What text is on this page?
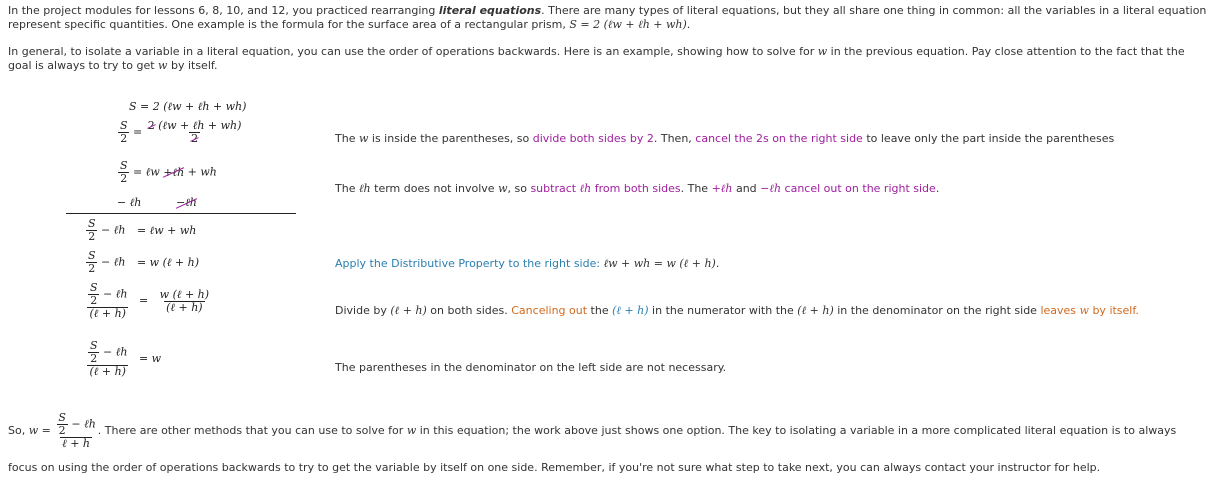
In the project modules for lessons 6, 8, 10, and 12, you practiced rearranging literal equations. There are many types of literal equations, but they all share one thing in common: all the variables in a literal equation represent specific quantities. One example is the formula for the surface area of a rectangular prism, S = 2 (ℓw + ℓh + wh).

In general, to isolate a variable in a literal equation, you can use the order of operations backwards. Here is an example, showing how to solve for w in the previous equation. Pay close attention to the fact that the goal is always to try to get w by itself.

S = 2 (ℓw + ℓh + wh)
$\frac{S}{2} = \frac{\text{2 (ℓw + ℓh + wh)}}{2}$
$\frac{S}{2}$ = ℓw +ℓh + wh
− ℓh	−ℓh
$\frac{S}{2}$ − ℓh = ℓw + wh
$\frac{S}{2}$ − ℓh = w (ℓ + h)
$\frac{\frac{S}{2} - \ell h}{\text{(ℓ + h)}} = \frac{\text{w (ℓ + h)}}{\text{(ℓ + h)}}$
$\frac{\frac{S}{2} - \ell h}{\text{(ℓ + h)}} = w$
The w is inside the parentheses, so divide both sides by 2. Then, cancel the 2s on the right side to leave only the part inside the parentheses
The ℓh term does not involve w, so subtract ℓh from both sides. The +ℓh and −ℓh cancel out on the right side.
Apply the Distributive Property to the right side: ℓw + wh = w (ℓ + h).
Divide by (ℓ + h) on both sides. Canceling out the (ℓ + h) in the numerator with the (ℓ + h) in the denominator on the right side leaves w by itself.
The parentheses in the denominator on the left side are not necessary.
So, $w = \frac{\frac{S}{2} - \ell h}{\text{ℓ + h}}$ . There are other methods that you can use to solve for w in this equation; the work above just shows one option. The key to isolating a variable in a more complicated literal equation is to always

focus on using the order of operations backwards to try to get the variable by itself on one side. Remember, if you're not sure what step to take next, you can always contact your instructor for help.
